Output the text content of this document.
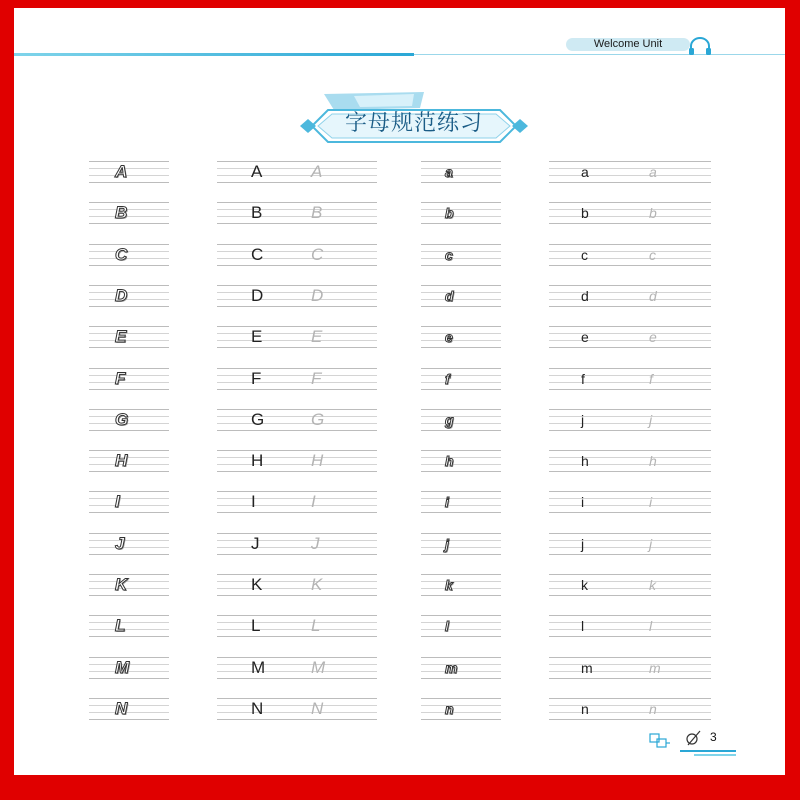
Welcome Unit
字母规范练习
A	A	A	a	a	a
B	B	B	b	b	b
C	C	C	c	c	c
D	D	D	d	d	d
E	E	E	e	e	e
F	F	F	f	f	f
G	G	G	g	j	j
H	H	H	h	h	h
I	I	I	i	i	i
J	J	J	j	j	j
K	K	K	k	k	k
L	L	L	l	l	l
M	M	M	m	m	m
N	N	N	n	n	n
3
